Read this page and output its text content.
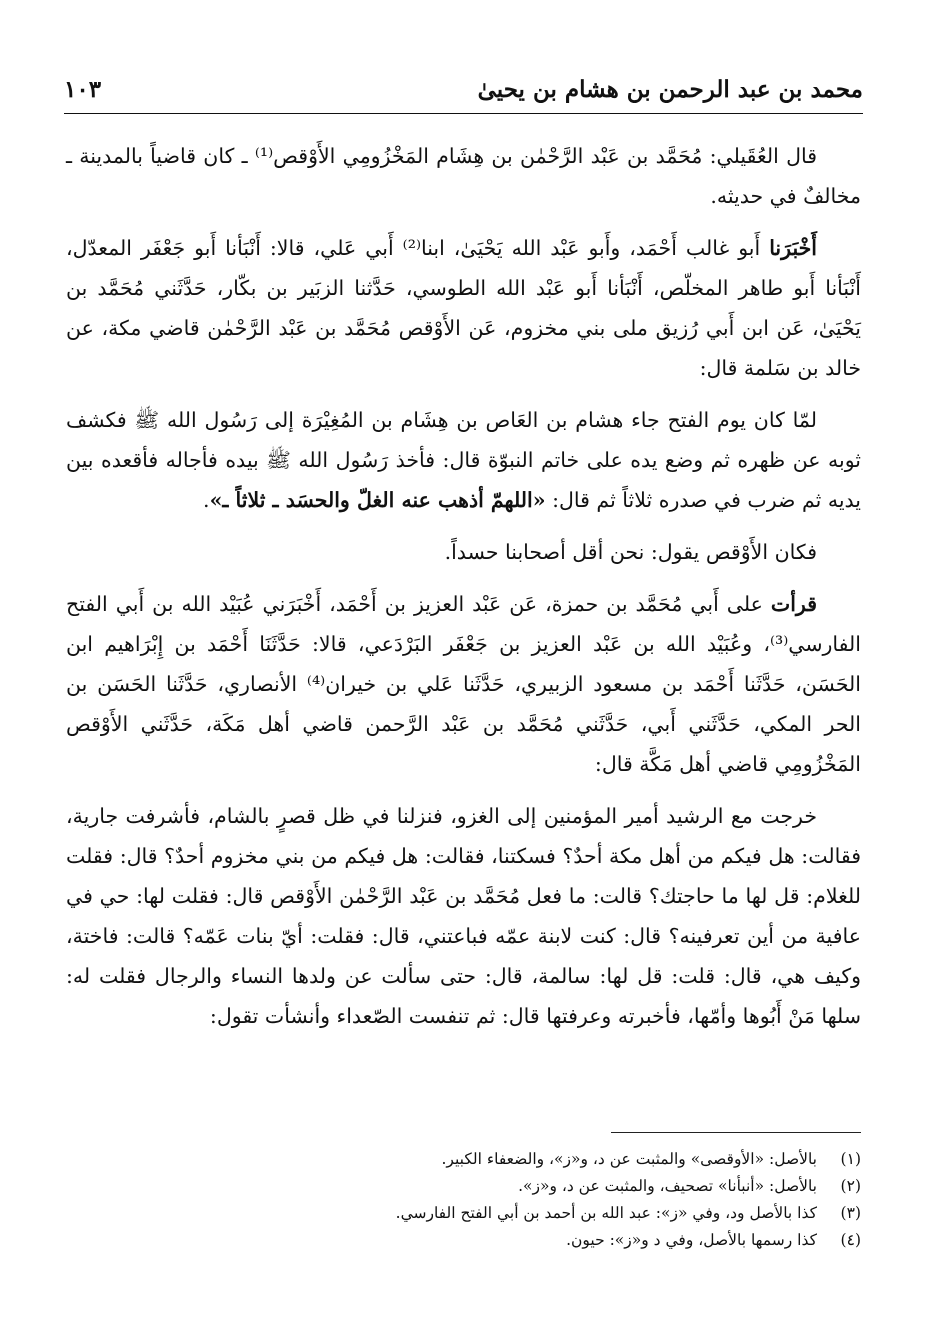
محمد بن عبد الرحمن بن هشام بن يحيىٰ
١٠٣

قال العُقَيلي: مُحَمَّد بن عَبْد الرَّحْمٰن بن هِشَام المَخْزُومِي الأَوْقص⁽¹⁾ ـ كان قاضياً بالمدينة ـ مخالفٌ في حديثه.

أَخْبَرَنا أَبو غالب أَحْمَد، وأَبو عَبْد الله يَحْيَىٰ، ابنا⁽²⁾ أَبي عَلي، قالا: أَنْبَأنا أَبو جَعْفَر المعدّل، أَنْبَأنا أَبو طاهر المخلّص، أَنْبَأنا أَبو عَبْد الله الطوسي، حَدَّثنا الزبَير بن بكّار، حَدَّثَني مُحَمَّد بن يَحْيَىٰ، عَن ابن أَبي رُزيق ملى بني مخزوم، عَن الأَوْقص مُحَمَّد بن عَبْد الرَّحْمٰن قاضي مكة، عن خالد بن سَلمة قال:

لمّا كان يوم الفتح جاء هشام بن العَاص بن هِشَام بن المُغِيْرَة إلى رَسُول الله ﷺ فكشف ثوبه عن ظهره ثم وضع يده على خاتم النبوّة قال: فأخذ رَسُول الله ﷺ بيده فأجاله فأقعده بين يديه ثم ضرب في صدره ثلاثاً ثم قال: «اللهمّ أذهب عنه الغلّ والحسَد ـ ثلاثاً ـ».

فكان الأَوْقص يقول: نحن أقل أصحابنا حسداً.

قرأت على أَبي مُحَمَّد بن حمزة، عَن عَبْد العزيز بن أَحْمَد، أَخْبَرَني عُبَيْد الله بن أَبي الفتح الفارسي⁽³⁾، وعُبَيْد الله بن عَبْد العزيز بن جَعْفَر البَرْدَعي، قالا: حَدَّثَنَا أَحْمَد بن إِبْرَاهيم ابن الحَسَن، حَدَّثَنا أَحْمَد بن مسعود الزبيري، حَدَّثَنا عَلي بن خيران⁽⁴⁾ الأنصاري، حَدَّثَنا الحَسَن بن الحر المكي، حَدَّثَني أَبي، حَدَّثَني مُحَمَّد بن عَبْد الرَّحمن قاضي أهل مَكَة، حَدَّثَني الأَوْقص المَخْزُومِي قاضي أهل مَكَّة قال:

خرجت مع الرشيد أمير المؤمنين إلى الغزو، فنزلنا في ظل قصرٍ بالشام، فأشرفت جارية، فقالت: هل فيكم من أهل مكة أحدٌ؟ فسكتنا، فقالت: هل فيكم من بني مخزوم أحدٌ؟ قال: فقلت للغلام: قل لها ما حاجتك؟ قالت: ما فعل مُحَمَّد بن عَبْد الرَّحْمٰن الأَوْقص قال: فقلت لها: حي في عافية من أين تعرفينه؟ قال: كنت لابنة عمّه فباعتني، قال: فقلت: أيّ بنات عَمّه؟ قالت: فاختة، وكيف هي، قال: قلت: قل لها: سالمة، قال: حتى سألت عن ولدها النساء والرجال فقلت له: سلها مَنْ أَبُوها وأمّها، فأخبرته وعرفتها قال: ثم تنفست الصّعداء وأنشأت تقول:

(١)
بالأصل: «الأوقصى» والمثبت عن د، و«ز»، والضعفاء الكبير.
(٢)
بالأصل: «أنبأنا» تصحيف، والمثبت عن د، و«ز».
(٣)
كذا بالأصل ود، وفي «ز»: عبد الله بن أحمد بن أبي الفتح الفارسي.
(٤)
كذا رسمها بالأصل، وفي د و«ز»: حيون.
